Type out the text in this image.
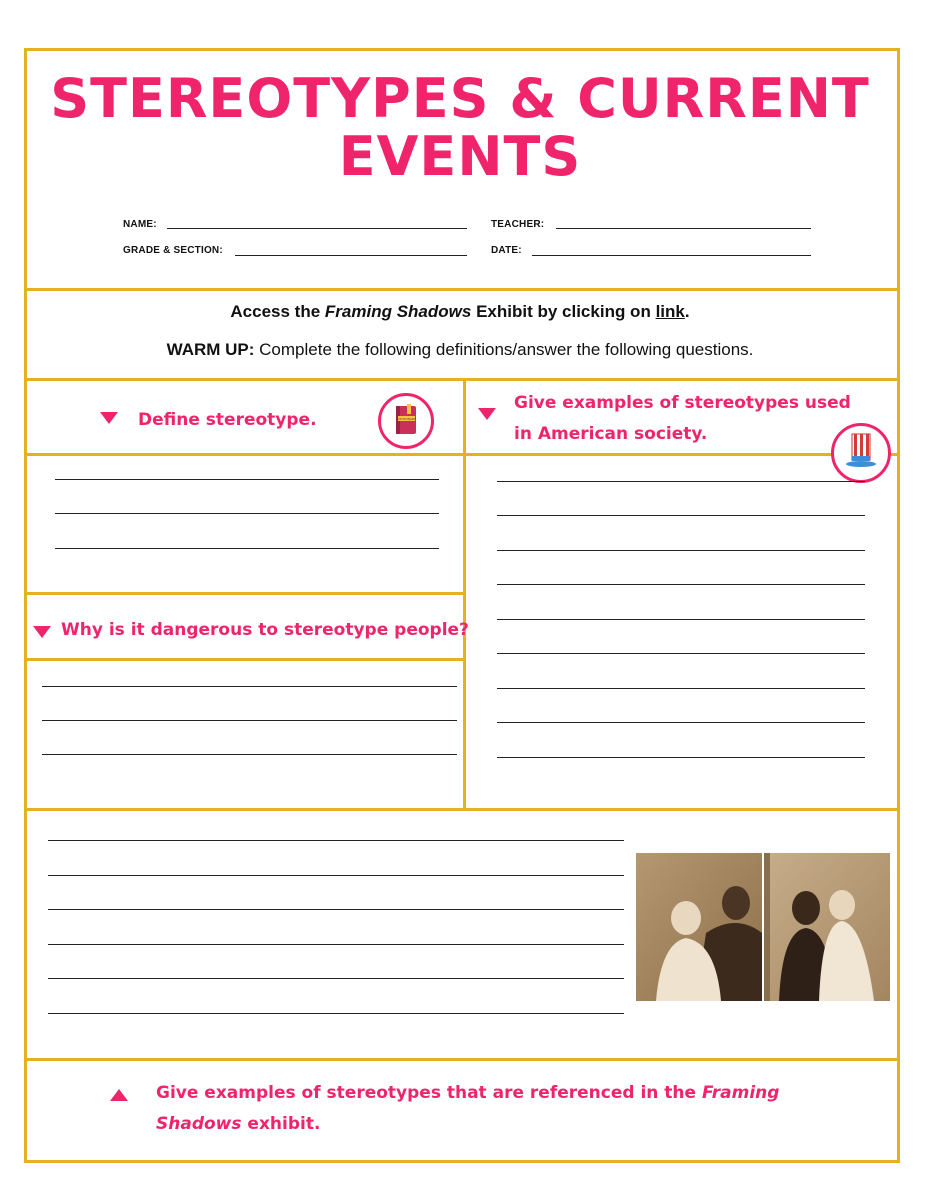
STEREOTYPES & CURRENT
EVENTS
NAME:
GRADE & SECTION:
TEACHER:
DATE:
Access the Framing Shadows Exhibit by clicking on link.
WARM UP: Complete the following definitions/answer the following questions.
Define stereotype.	DICTIONARY
Give examples of stereotypes used
in American society.
Why is it dangerous to stereotype people?
Give examples of stereotypes that are referenced in the Framing
Shadows exhibit.
